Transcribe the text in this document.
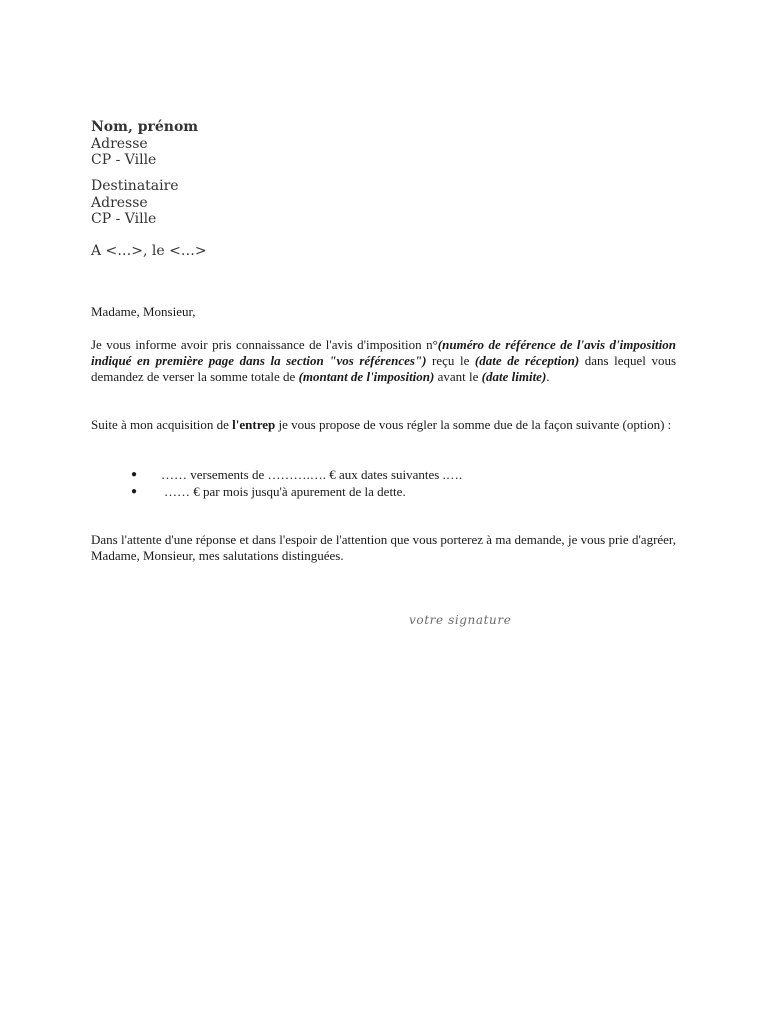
Nom, prénom
Adresse
CP - Ville
Destinataire
Adresse
CP - Ville
A <…>, le <…>
Madame, Monsieur,
Je vous informe avoir pris connaissance de l'avis d'imposition n°(numéro de référence de l'avis d'imposition indiqué en première page dans la section "vos références") reçu le (date de réception) dans lequel vous demandez de verser la somme totale de (montant de l'imposition) avant le (date limite).
Suite à mon acquisition de l'entrep je vous propose de vous régler la somme due de la façon suivante (option) :
● …… versements de ……….…. € aux dates suivantes .….
● …… € par mois jusqu'à apurement de la dette.
Dans l'attente d'une réponse et dans l'espoir de l'attention que vous porterez à ma demande, je vous prie d'agréer, Madame, Monsieur, mes salutations distinguées.
votre signature
